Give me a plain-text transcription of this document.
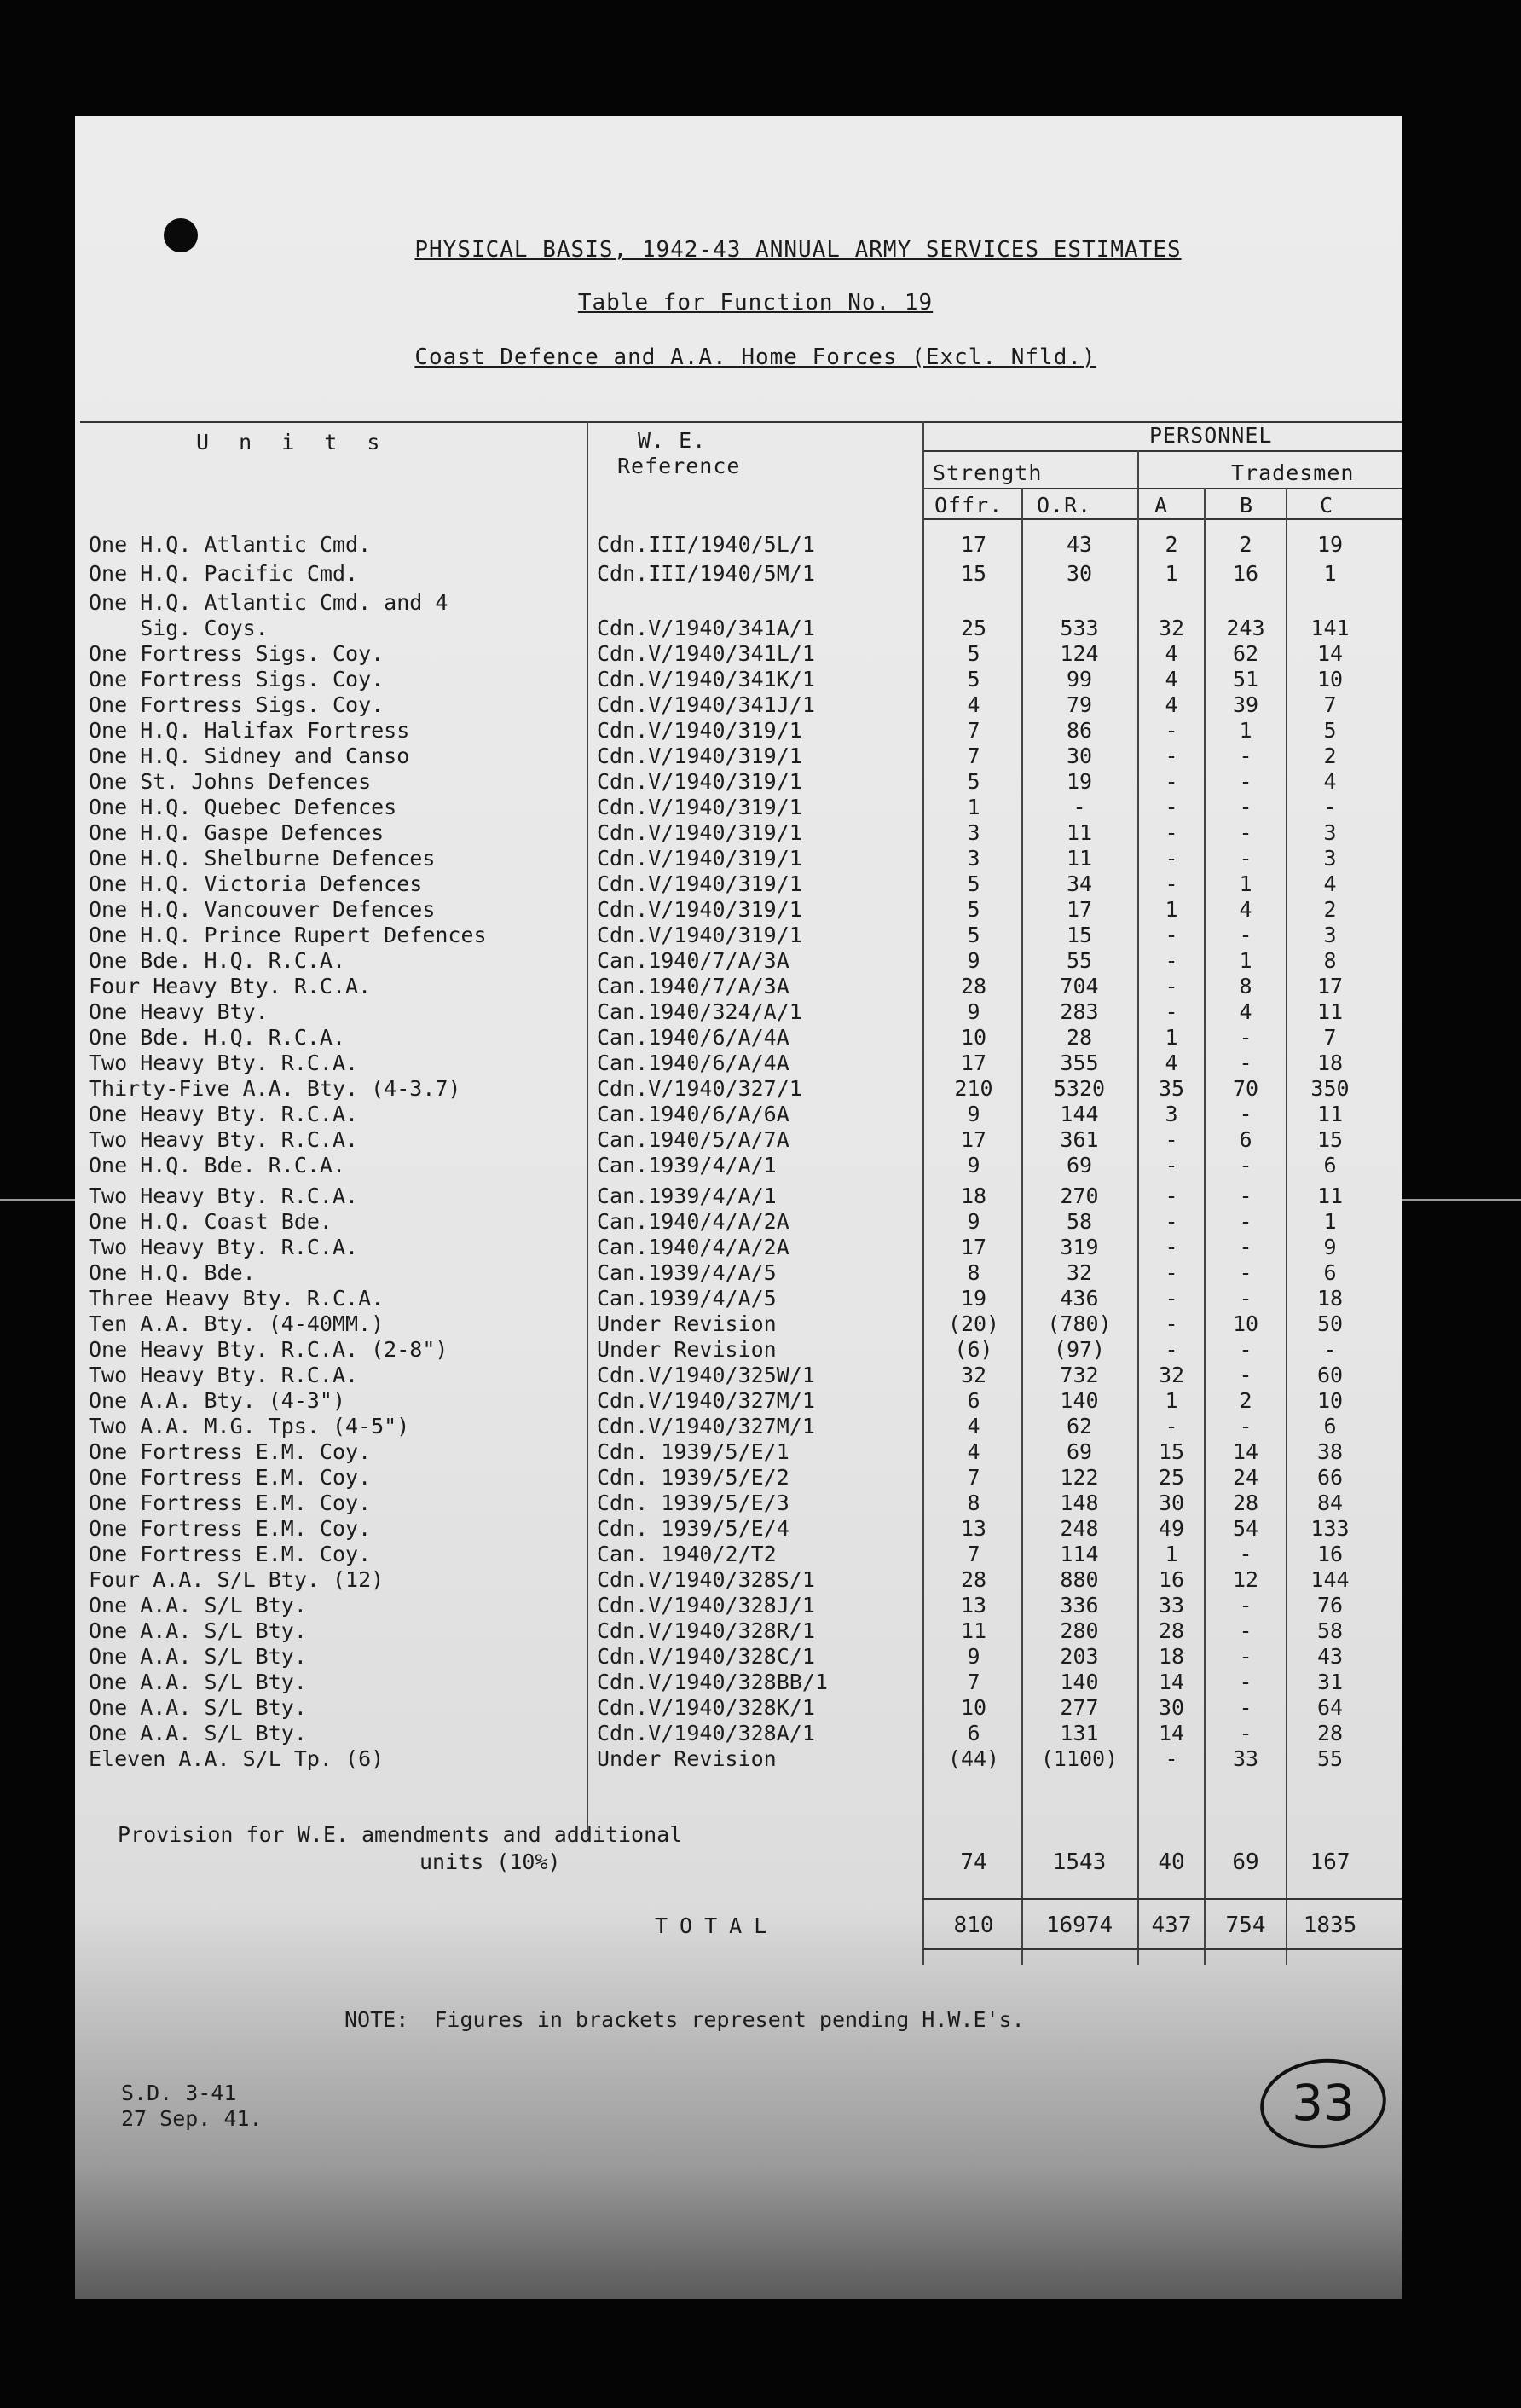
PHYSICAL BASIS, 1942-43 ANNUAL ARMY SERVICES ESTIMATES
Table for Function No. 19
Coast Defence and A.A. Home Forces (Excl. Nfld.)
U n i t s	W. E.
Reference
PERSONNEL
Strength	Tradesmen
Offr. O.R.	A	B	C
One H.Q. Atlantic Cmd.	Cdn.III/1940/5L/1	17	43	2	2	19
One H.Q. Pacific Cmd.	Cdn.III/1940/5M/1	15	30	1	16	1
One H.Q. Atlantic Cmd. and 4
Sig. Coys.	Cdn.V/1940/341A/1	25	533	32	243	141
One Fortress Sigs. Coy.	Cdn.V/1940/341L/1	5	124	4	62	14
One Fortress Sigs. Coy.	Cdn.V/1940/341K/1	5	99	4	51	10
One Fortress Sigs. Coy.	Cdn.V/1940/341J/1	4	79	4	39	7
One H.Q. Halifax Fortress	Cdn.V/1940/319/1	7	86	-	1	5
One H.Q. Sidney and Canso	Cdn.V/1940/319/1	7	30	-	-	2
One St. Johns Defences	Cdn.V/1940/319/1	5	19	-	-	4
One H.Q. Quebec Defences	Cdn.V/1940/319/1	1	-	-	-	-
One H.Q. Gaspe Defences	Cdn.V/1940/319/1	3	11	-	-	3
One H.Q. Shelburne Defences	Cdn.V/1940/319/1	3	11	-	-	3
One H.Q. Victoria Defences	Cdn.V/1940/319/1	5	34	-	1	4
One H.Q. Vancouver Defences	Cdn.V/1940/319/1	5	17	1	4	2
One H.Q. Prince Rupert Defences	Cdn.V/1940/319/1	5	15	-	-	3
One Bde. H.Q. R.C.A.	Can.1940/7/A/3A	9	55	-	1	8
Four Heavy Bty. R.C.A.	Can.1940/7/A/3A	28	704	-	8	17
One Heavy Bty.	Can.1940/324/A/1	9	283	-	4	11
One Bde. H.Q. R.C.A.	Can.1940/6/A/4A	10	28	1	-	7
Two Heavy Bty. R.C.A.	Can.1940/6/A/4A	17	355	4	-	18
Thirty-Five A.A. Bty. (4-3.7)	Cdn.V/1940/327/1	210	5320	35	70	350
One Heavy Bty. R.C.A.	Can.1940/6/A/6A	9	144	3	-	11
Two Heavy Bty. R.C.A.	Can.1940/5/A/7A	17	361	-	6	15
One H.Q. Bde. R.C.A.	Can.1939/4/A/1	9	69	-	-	6
Two Heavy Bty. R.C.A.	Can.1939/4/A/1	18	270	-	-	11
One H.Q. Coast Bde.	Can.1940/4/A/2A	9	58	-	-	1
Two Heavy Bty. R.C.A.	Can.1940/4/A/2A	17	319	-	-	9
One H.Q. Bde.	Can.1939/4/A/5	8	32	-	-	6
Three Heavy Bty. R.C.A.	Can.1939/4/A/5	19	436	-	-	18
Ten A.A. Bty. (4-40MM.)	Under Revision	(20)	(780)	-	10	50
One Heavy Bty. R.C.A. (2-8")	Under Revision	(6)	(97)	-	-	-
Two Heavy Bty. R.C.A.	Cdn.V/1940/325W/1	32	732	32	-	60
One A.A. Bty. (4-3")	Cdn.V/1940/327M/1	6	140	1	2	10
Two A.A. M.G. Tps. (4-5")	Cdn.V/1940/327M/1	4	62	-	-	6
One Fortress E.M. Coy.	Cdn. 1939/5/E/1	4	69	15	14	38
One Fortress E.M. Coy.	Cdn. 1939/5/E/2	7	122	25	24	66
One Fortress E.M. Coy.	Cdn. 1939/5/E/3	8	148	30	28	84
One Fortress E.M. Coy.	Cdn. 1939/5/E/4	13	248	49	54	133
One Fortress E.M. Coy.	Can. 1940/2/T2	7	114	1	-	16
Four A.A. S/L Bty. (12)	Cdn.V/1940/328S/1	28	880	16	12	144
One A.A. S/L Bty.	Cdn.V/1940/328J/1	13	336	33	-	76
One A.A. S/L Bty.	Cdn.V/1940/328R/1	11	280	28	-	58
One A.A. S/L Bty.	Cdn.V/1940/328C/1	9	203	18	-	43
One A.A. S/L Bty.	Cdn.V/1940/328BB/1	7	140	14	-	31
One A.A. S/L Bty.	Cdn.V/1940/328K/1	10	277	30	-	64
One A.A. S/L Bty.	Cdn.V/1940/328A/1	6	131	14	-	28
Eleven A.A. S/L Tp. (6)	Under Revision	(44)	(1100)	-	33	55
Provision for W.E. amendments and additional
units (10%)	74	1543	40	69	167
TOTAL	810	16974	437	754	1835
NOTE:  Figures in brackets represent pending H.W.E's.
S.D. 3-41
27 Sep. 41.	33
